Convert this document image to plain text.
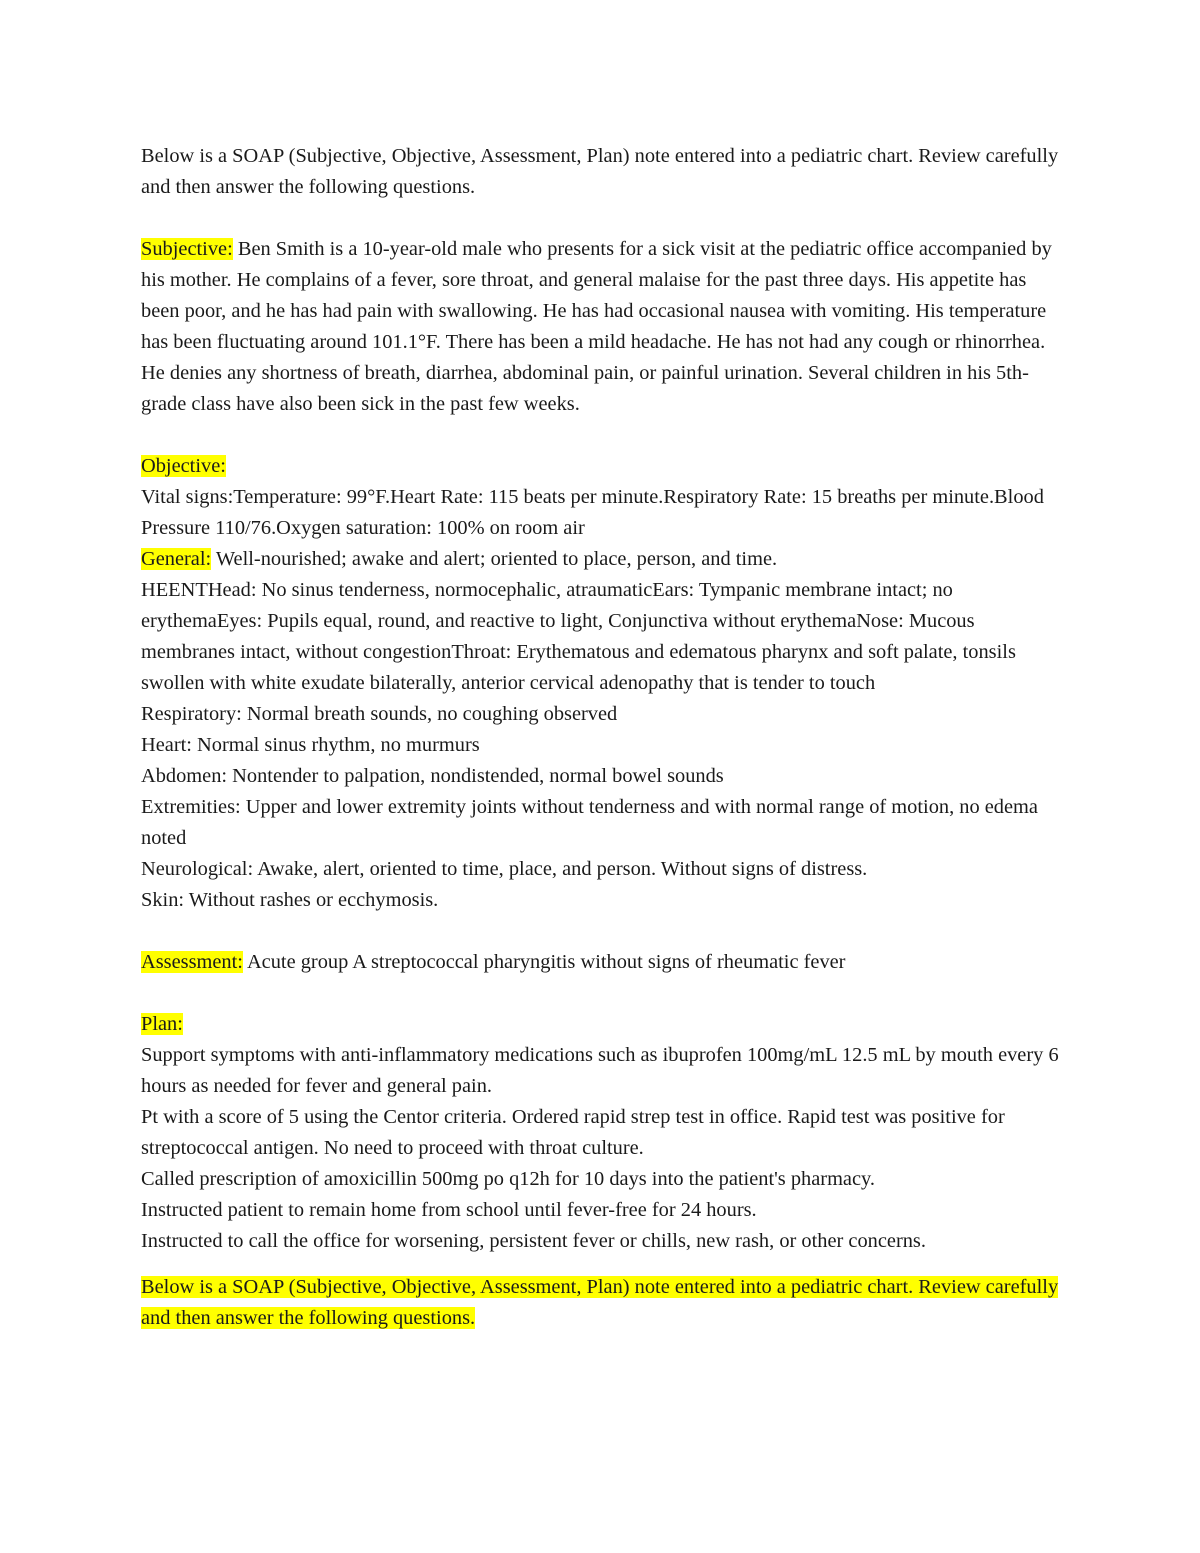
Below is a SOAP (Subjective, Objective, Assessment, Plan) note entered into a pediatric chart. Review carefully and then answer the following questions.

Subjective: Ben Smith is a 10-year-old male who presents for a sick visit at the pediatric office accompanied by his mother. He complains of a fever, sore throat, and general malaise for the past three days. His appetite has been poor, and he has had pain with swallowing. He has had occasional nausea with vomiting. His temperature has been fluctuating around 101.1°F. There has been a mild headache. He has not had any cough or rhinorrhea. He denies any shortness of breath, diarrhea, abdominal pain, or painful urination. Several children in his 5th-grade class have also been sick in the past few weeks.

Objective:

Vital signs:Temperature: 99°F.Heart Rate: 115 beats per minute.Respiratory Rate: 15 breaths per minute.Blood Pressure 110/76.Oxygen saturation: 100% on room air

General: Well-nourished; awake and alert; oriented to place, person, and time.

HEENTHead: No sinus tenderness, normocephalic, atraumaticEars: Tympanic membrane intact; no erythemaEyes: Pupils equal, round, and reactive to light, Conjunctiva without erythemaNose: Mucous membranes intact, without congestionThroat: Erythematous and edematous pharynx and soft palate, tonsils swollen with white exudate bilaterally, anterior cervical adenopathy that is tender to touch

Respiratory: Normal breath sounds, no coughing observed

Heart: Normal sinus rhythm, no murmurs

Abdomen: Nontender to palpation, nondistended, normal bowel sounds

Extremities: Upper and lower extremity joints without tenderness and with normal range of motion, no edema noted

Neurological: Awake, alert, oriented to time, place, and person. Without signs of distress.

Skin: Without rashes or ecchymosis.

Assessment: Acute group A streptococcal pharyngitis without signs of rheumatic fever

Plan:

Support symptoms with anti-inflammatory medications such as ibuprofen 100mg/mL 12.5 mL by mouth every 6 hours as needed for fever and general pain.

Pt with a score of 5 using the Centor criteria. Ordered rapid strep test in office. Rapid test was positive for streptococcal antigen. No need to proceed with throat culture.

Called prescription of amoxicillin 500mg po q12h for 10 days into the patient's pharmacy.

Instructed patient to remain home from school until fever-free for 24 hours.

Instructed to call the office for worsening, persistent fever or chills, new rash, or other concerns.

Below is a SOAP (Subjective, Objective, Assessment, Plan) note entered into a pediatric chart. Review carefully and then answer the following questions.
